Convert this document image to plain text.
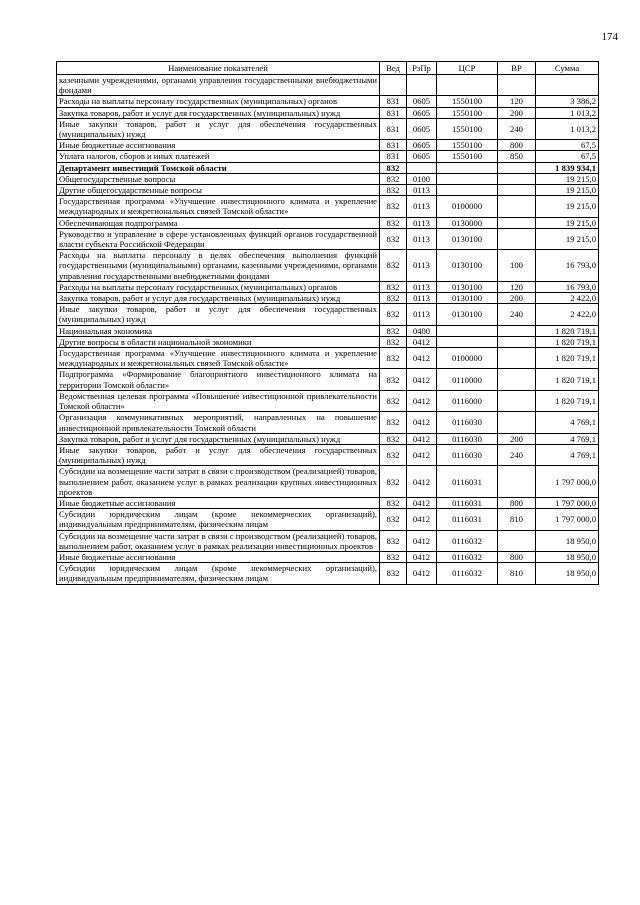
174
Наименование показателей	Вед	РзПр	ЦСР	ВР	Сумма
казенными учреждениями, органами управления государственными внебюджетными фондами					
Расходы на выплаты персоналу государственных (муниципальных) органов	831	0605	1550100	120	3 386,2
Закупка товаров, работ и услуг для государственных (муниципальных) нужд	831	0605	1550100	200	1 013,2
Иные закупки товаров, работ и услуг для обеспечения государственных (муниципальных) нужд	831	0605	1550100	240	1 013,2
Иные бюджетные ассигнования	831	0605	1550100	800	67,5
Уплата налогов, сборов и иных платежей	831	0605	1550100	850	67,5
Департамент инвестиций Томской области	832				1 839 934,1
Общегосударственные вопросы	832	0100			19 215,0
Другие общегосударственные вопросы	832	0113			19 215,0
Государственная программа «Улучшение инвестиционного климата и укрепление международных и межрегиональных связей Томской области»	832	0113	0100000		19 215,0
Обеспечивающая подпрограмма	832	0113	0130000		19 215,0
Руководство и управление в сфере установленных функций органов государственной власти субъекта Российской Федерации	832	0113	0130100		19 215,0
Расходы на выплаты персоналу в целях обеспечения выполнения функций государственными (муниципальными) органами, казенными учреждениями, органами управления государственными внебюджетными фондами	832	0113	0130100	100	16 793,0
Расходы на выплаты персоналу государственных (муниципальных) органов	832	0113	0130100	120	16 793,0
Закупка товаров, работ и услуг для государственных (муниципальных) нужд	832	0113	0130100	200	2 422,0
Иные закупки товаров, работ и услуг для обеспечения государственных (муниципальных) нужд	832	0113	0130100	240	2 422,0
Национальная экономика	832	0400			1 820 719,1
Другие вопросы в области национальной экономики	832	0412			1 820 719,1
Государственная программа «Улучшение инвестиционного климата и укрепление международных и межрегиональных связей Томской области»	832	0412	0100000		1 820 719,1
Подпрограмма «Формирование благоприятного инвестиционного климата на территории Томской области»	832	0412	0110000		1 820 719,1
Ведомственная целевая программа «Повышение инвестиционной привлекательности Томской области»	832	0412	0116000		1 820 719,1
Организация коммуникативных мероприятий, направленных на повышение инвестиционной привлекательности Томской области	832	0412	0116030		4 769,1
Закупка товаров, работ и услуг для государственных (муниципальных) нужд	832	0412	0116030	200	4 769,1
Иные закупки товаров, работ и услуг для обеспечения государственных (муниципальных) нужд	832	0412	0116030	240	4 769,1
Субсидии на возмещение части затрат в связи с производством (реализацией) товаров, выполнением работ, оказанием услуг в рамках реализации крупных инвестиционных проектов	832	0412	0116031		1 797 000,0
Иные бюджетные ассигнования	832	0412	0116031	800	1 797 000,0
Субсидии юридическим лицам (кроме некоммерческих организаций), индивидуальным предпринимателям, физическим лицам	832	0412	0116031	810	1 797 000,0
Субсидии на возмещение части затрат в связи с производством (реализацией) товаров, выполнением работ, оказанием услуг в рамках реализации инвестиционных проектов	832	0412	0116032		18 950,0
Иные бюджетные ассигнования	832	0412	0116032	800	18 950,0
Субсидии юридическим лицам (кроме некоммерческих организаций), индивидуальным предпринимателям, физическим лицам	832	0412	0116032	810	18 950,0
